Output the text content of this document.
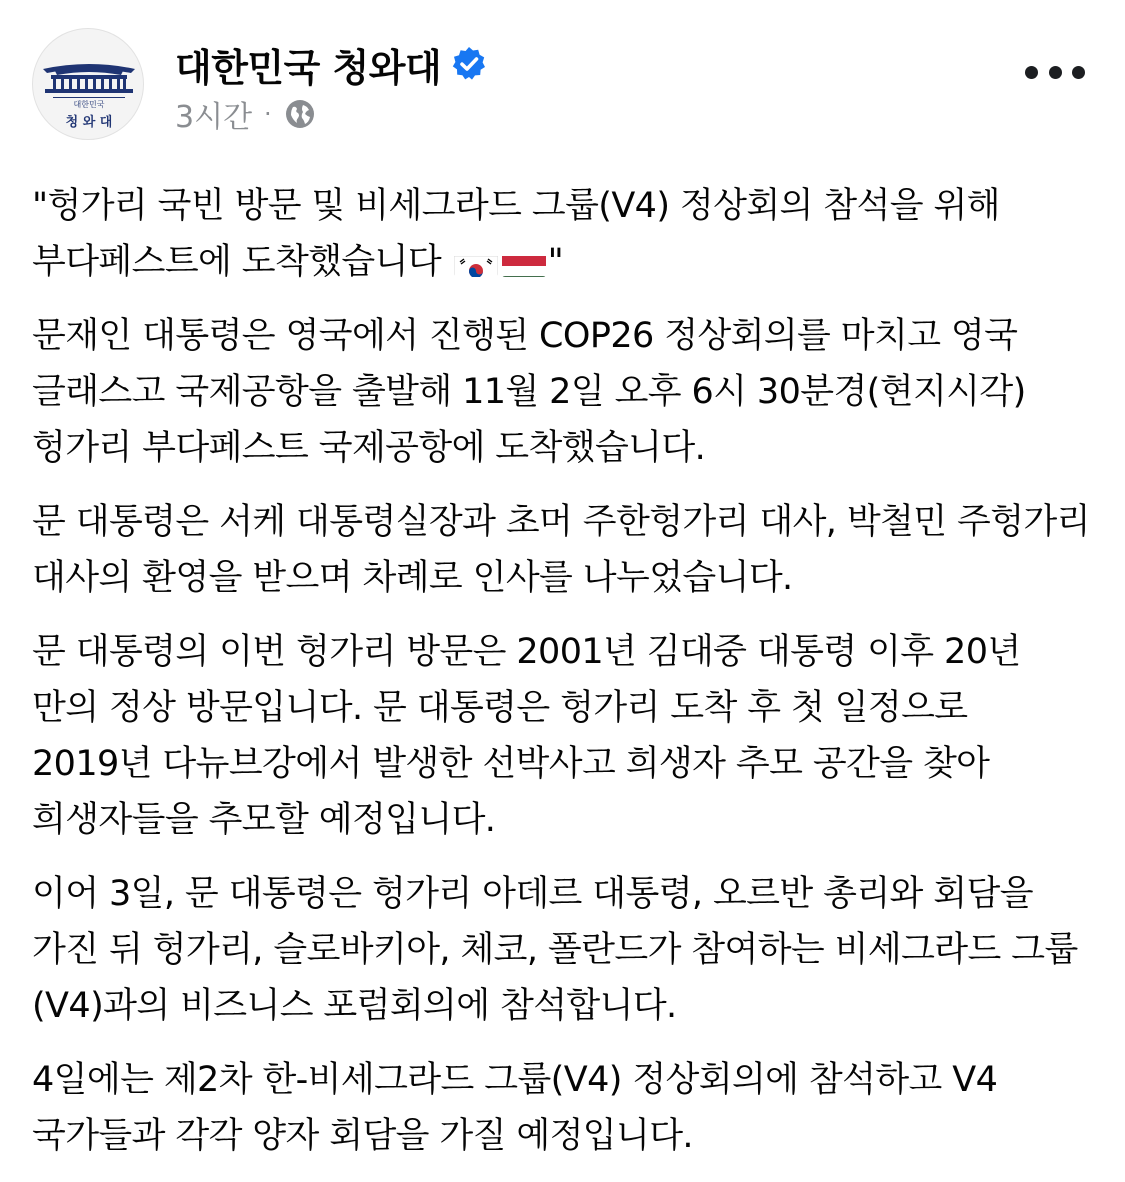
대한민국
청 와 대
대한민국 청와대
3시간 ·

"헝가리 국빈 방문 및 비세그라드 그룹(V4) 정상회의 참석을 위해 부다페스트에 도착했습니다	"

문재인 대통령은 영국에서 진행된 COP26 정상회의를 마치고 영국 글래스고 국제공항을 출발해 11월 2일 오후 6시 30분경(현지시각) 헝가리 부다페스트 국제공항에 도착했습니다.

문 대통령은 서케 대통령실장과 초머 주한헝가리 대사, 박철민 주헝가리 대사의 환영을 받으며 차례로 인사를 나누었습니다.

문 대통령의 이번 헝가리 방문은 2001년 김대중 대통령 이후 20년 만의 정상 방문입니다. 문 대통령은 헝가리 도착 후 첫 일정으로 2019년 다뉴브강에서 발생한 선박사고 희생자 추모 공간을 찾아 희생자들을 추모할 예정입니다.

이어 3일, 문 대통령은 헝가리 아데르 대통령, 오르반 총리와 회담을 가진 뒤 헝가리, 슬로바키아, 체코, 폴란드가 참여하는 비세그라드 그룹(V4)과의 비즈니스 포럼회의에 참석합니다.

4일에는 제2차 한-비세그라드 그룹(V4) 정상회의에 참석하고 V4 국가들과 각각 양자 회담을 가질 예정입니다.
